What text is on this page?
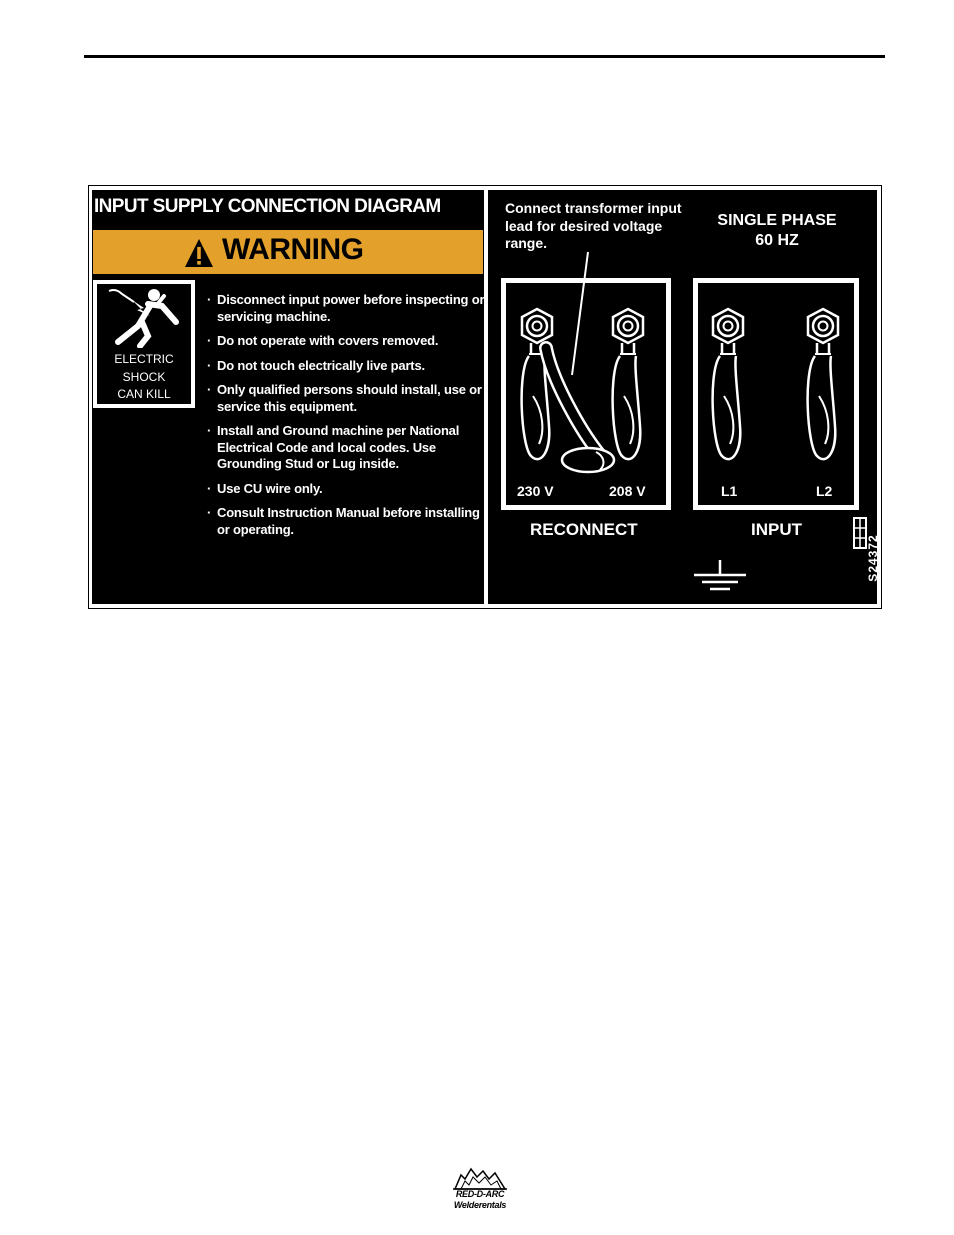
INPUT SUPPLY CONNECTION DIAGRAM
WARNING
ELECTRIC
SHOCK
CAN KILL
· Disconnect input power before inspecting or servicing machine.
· Do not operate with covers removed.
· Do not touch electrically live parts.
· Only qualified persons should install, use or service this equipment.
· Install and Ground machine per National Electrical Code and local codes. Use Grounding Stud or Lug inside.
· Use CU wire only.
· Consult Instruction Manual before installing or operating.
Connect transformer input lead for desired voltage range.
SINGLE PHASE
60 HZ
230 V	208 V	L1	L2
RECONNECT	INPUT
S24372
RED-D-ARC
Welderentals
